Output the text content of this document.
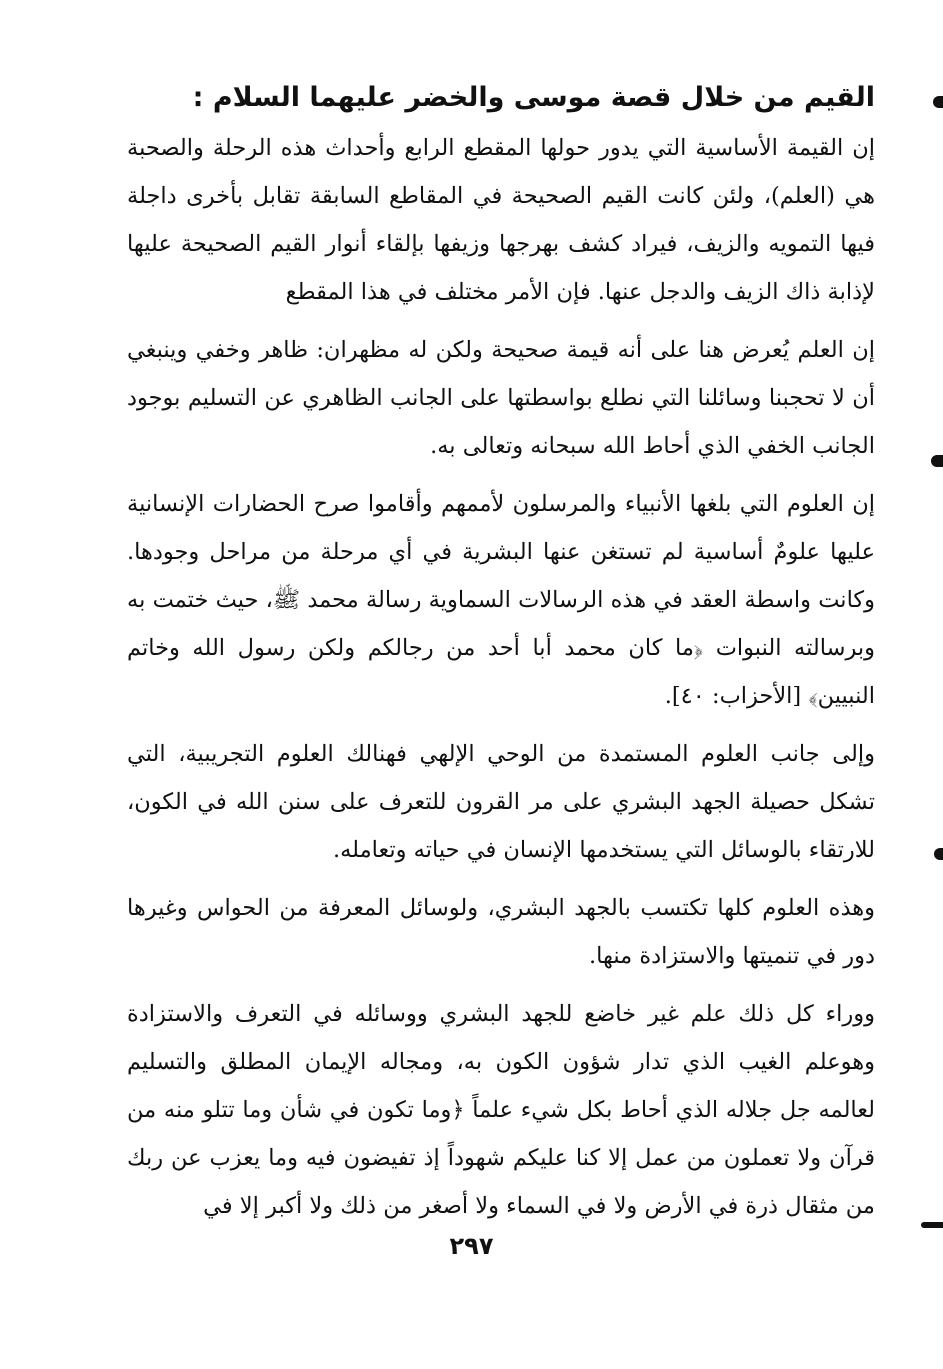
القيم من خلال قصة موسى والخضر عليهما السلام :

إن القيمة الأساسية التي يدور حولها المقطع الرابع وأحداث هذه الرحلة والصحبة هي (العلم)، ولئن كانت القيم الصحيحة في المقاطع السابقة تقابل بأخرى داجلة فيها التمويه والزيف، فيراد كشف بهرجها وزيفها بإلقاء أنوار القيم الصحيحة عليها لإذابة ذاك الزيف والدجل عنها. فإن الأمر مختلف في هذا المقطع

إن العلم يُعرض هنا على أنه قيمة صحيحة ولكن له مظهران: ظاهر وخفي وينبغي أن لا تحجبنا وسائلنا التي نطلع بواسطتها على الجانب الظاهري عن التسليم بوجود الجانب الخفي الذي أحاط الله سبحانه وتعالى به.

إن العلوم التي بلغها الأنبياء والمرسلون لأممهم وأقاموا صرح الحضارات الإنسانية عليها علومٌ أساسية لم تستغن عنها البشرية في أي مرحلة من مراحل وجودها. وكانت واسطة العقد في هذه الرسالات السماوية رسالة محمد ﷺ، حيث ختمت به وبرسالته النبوات ﴿ما كان محمد أبا أحد من رجالكم ولكن رسول الله وخاتم النبيين﴾ [الأحزاب: ٤٠].

وإلى جانب العلوم المستمدة من الوحي الإلهي فهنالك العلوم التجريبية، التي تشكل حصيلة الجهد البشري على مر القرون للتعرف على سنن الله في الكون، للارتقاء بالوسائل التي يستخدمها الإنسان في حياته وتعامله.

وهذه العلوم كلها تكتسب بالجهد البشري، ولوسائل المعرفة من الحواس وغيرها دور في تنميتها والاستزادة منها.

ووراء كل ذلك علم غير خاضع للجهد البشري ووسائله في التعرف والاستزادة وهوعلم الغيب الذي تدار شؤون الكون به، ومجاله الإيمان المطلق والتسليم لعالمه جل جلاله الذي أحاط بكل شيء علماً ﴿وما تكون في شأن وما تتلو منه من قرآن ولا تعملون من عمل إلا كنا عليكم شهوداً إذ تفيضون فيه وما يعزب عن ربك من مثقال ذرة في الأرض ولا في السماء ولا أصغر من ذلك ولا أكبر إلا في

٢٩٧
